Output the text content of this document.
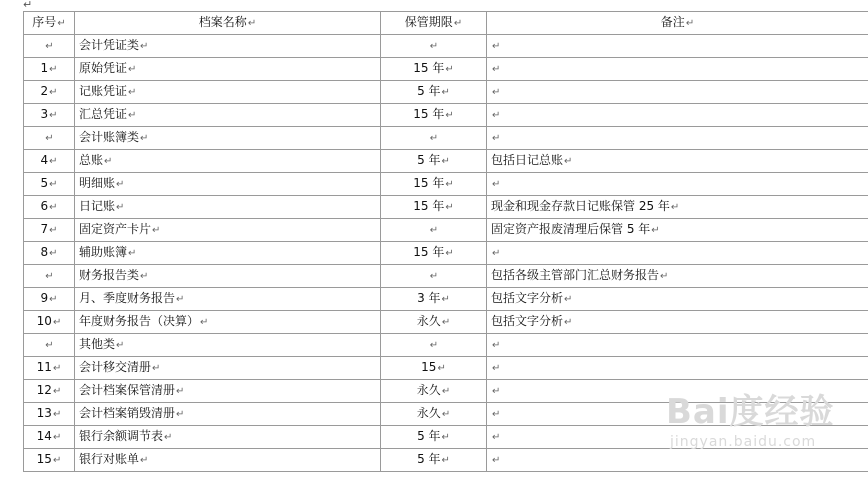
↵
序号↵	档案名称↵	保管期限↵	备注↵
↵	会计凭证类↵	↵	↵
1↵	原始凭证↵	15 年↵	↵
2↵	记账凭证↵	5 年↵	↵
3↵	汇总凭证↵	15 年↵	↵
↵	会计账簿类↵	↵	↵
4↵	总账↵	5 年↵	包括日记总账↵
5↵	明细账↵	15 年↵	↵
6↵	日记账↵	15 年↵	现金和现金存款日记账保管 25 年↵
7↵	固定资产卡片↵	↵	固定资产报废清理后保管 5 年↵
8↵	辅助账簿↵	15 年↵	↵
↵	财务报告类↵	↵	包括各级主管部门汇总财务报告↵
9↵	月、季度财务报告↵	3 年↵	包括文字分析↵
10↵	年度财务报告（决算）↵	永久↵	包括文字分析↵
↵	其他类↵	↵	↵
11↵	会计移交清册↵	15↵	↵
12↵	会计档案保管清册↵	永久↵	↵
13↵	会计档案销毁清册↵	永久↵	↵
14↵	银行余额调节表↵	5 年↵	↵
15↵	银行对账单↵	5 年↵	↵
Bai度经验
jingyan.baidu.com
